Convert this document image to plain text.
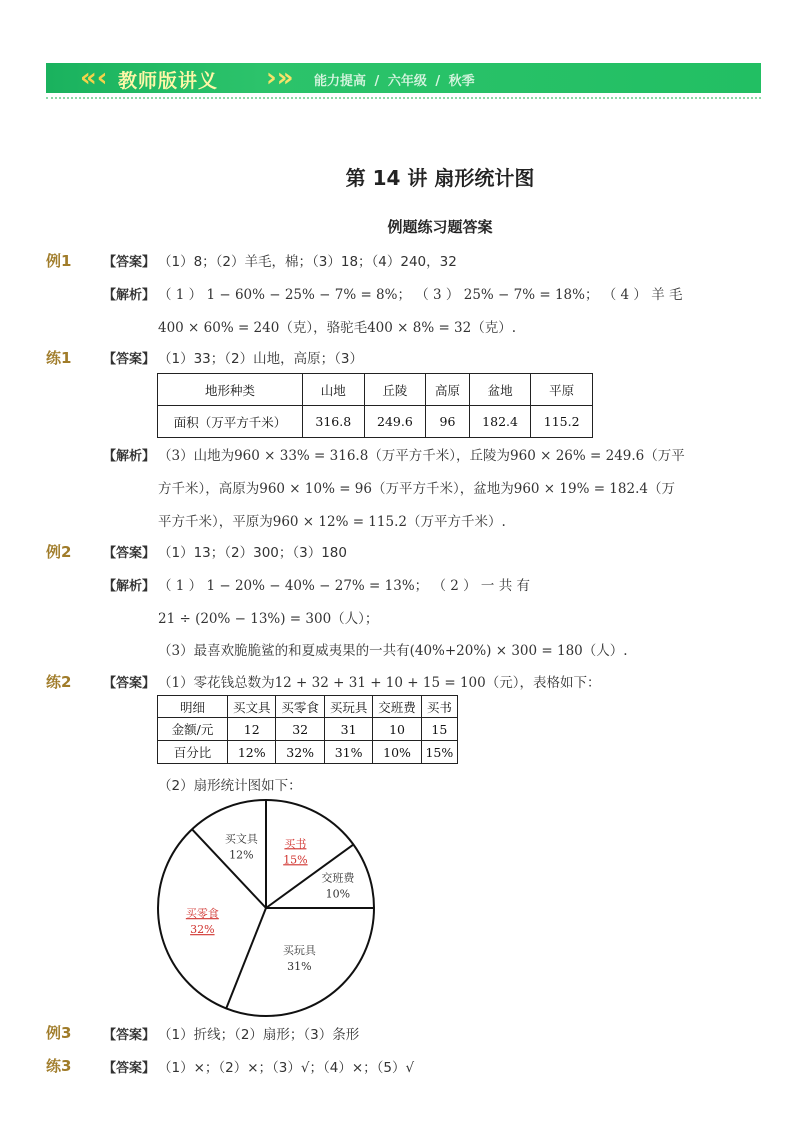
«‹ 教师版讲义 ›» 能力提高 / 六年级 / 秋季
第 14 讲 扇形统计图
例题练习题答案
例1 【答案】 （1）8；（2）羊毛，棉；（3）18；（4）240，32
【解析】 （ 1 ） 1 − 60% − 25% − 7% = 8%； （ 3 ） 25% − 7% = 18%； （ 4 ） 羊 毛
400 × 60% = 240（克），骆驼毛400 × 8% = 32（克）.
练1 【答案】 （1）33；（2）山地，高原；（3）
地形种类	山地	丘陵	高原	盆地	平原
面积（万平方千米）	316.8	249.6	96	182.4	115.2
【解析】 （3）山地为960 × 33% = 316.8（万平方千米），丘陵为960 × 26% = 249.6（万平
方千米），高原为960 × 10% = 96（万平方千米），盆地为960 × 19% = 182.4（万
平方千米），平原为960 × 12% = 115.2（万平方千米）.
例2 【答案】 （1）13；（2）300；（3）180
【解析】 （ 1 ） 1 − 20% − 40% − 27% = 13%； （ 2 ） 一 共 有
21 ÷ (20% − 13%) = 300（人）；
（3）最喜欢脆脆鲨的和夏威夷果的一共有(40%+20%) × 300 = 180（人）.
练2 【答案】 （1）零花钱总数为12 + 32 + 31 + 10 + 15 = 100（元），表格如下：
明细	买文具	买零食	买玩具	交班费	买书
金额/元	12	32	31	10	15
百分比	12%	32%	31%	10%	15%
（2）扇形统计图如下：
买书
15%
交班费
10%
买玩具
31%
买零食
32%
买文具
12%
例3 【答案】 （1）折线；（2）扇形；（3）条形
练3 【答案】 （1）×；（2）×；（3）√；（4）×；（5）√
